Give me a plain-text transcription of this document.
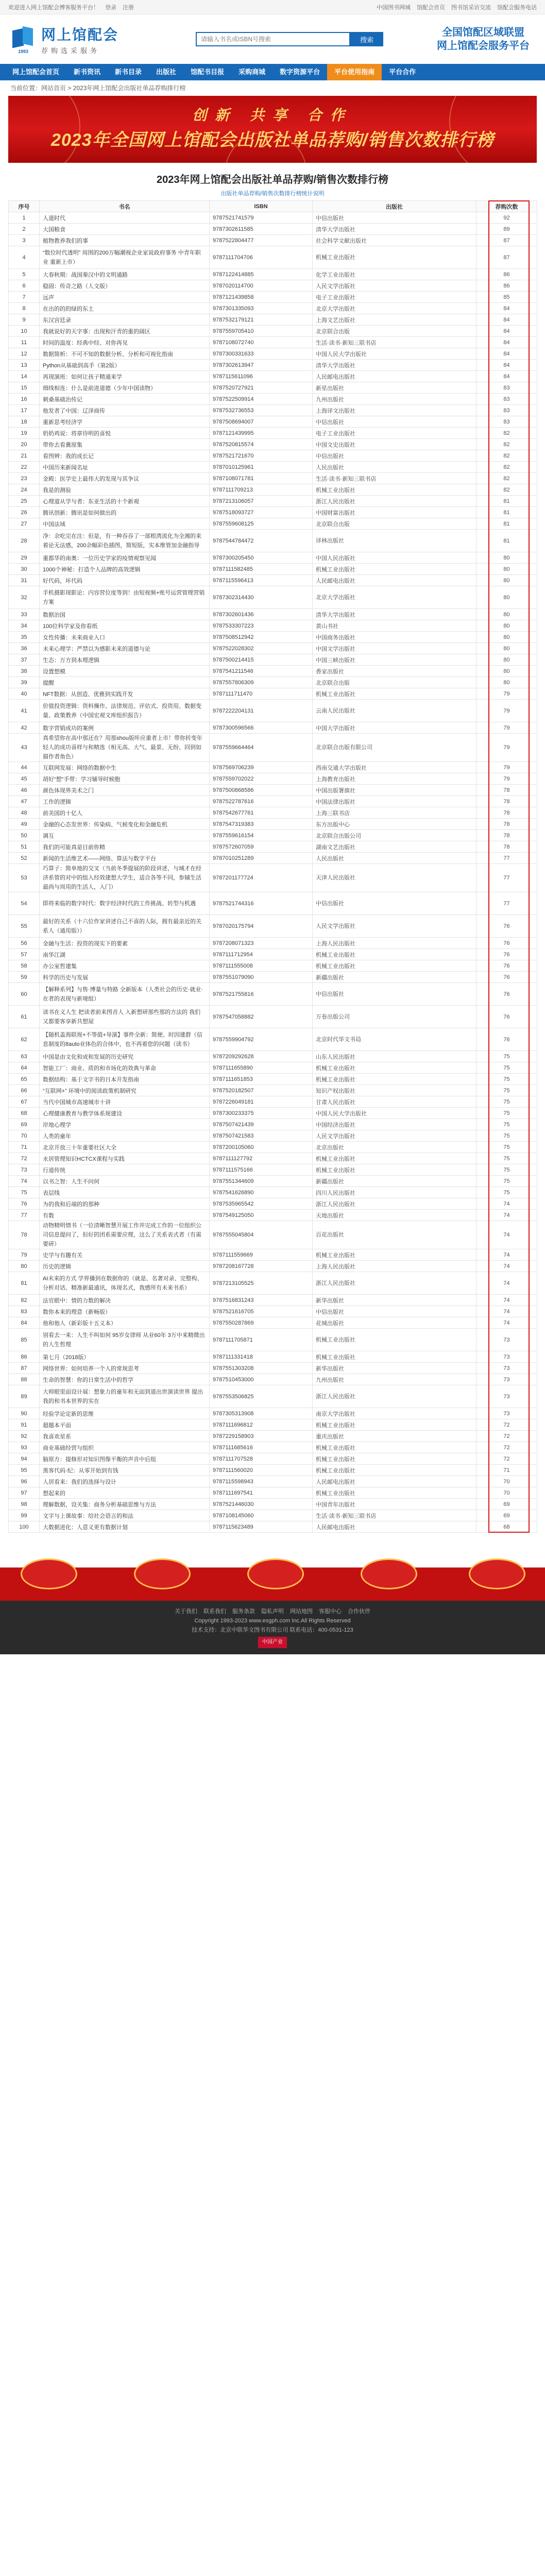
欢迎进入网上馆配会博客服务平台！ 登录 注册	中国图书网城 馆配会首页 图书馆采访交流 馆配会服务电话
1993
网上馆配会
荐购选采服务
请输入书名或ISBN号搜索
搜索
全国馆配区域联盟
网上馆配会服务平台
网上馆配会首页	新书资讯	新书目录	出版社	馆配书目报	采购商城	数字资源平台	平台使用指南	平台合作
当前位置：网站首页 > 2023年网上馆配会出版社单品荐购排行榜
创新 共享 合作
2023年全国网上馆配会出版社单品荐购/销售次数排行榜
2023年网上馆配会出版社单品荐购/销售次数排行榜
出版社单品荐购/销售次数排行榜统计说明
序号	书名	ISBN	出版社	荐购次数
1	人道时代	9787521741579	中信出版社	92
2	大国粮食	9787302611585	清华大学出版社	89
3	植物教养我们的事	9787522804477	社会科学文献出版社	87
4	“数位时代透明” 周围的200万幅潮视企业家说政府事务 中青年职业 重新上市）	9787111704706	机械工业出版社	87
5	大春秋期：战国秦汉中的文明通路	9787122414885	化学工业出版社	86
6	稳固：传奇之路（人文版）	9787020114700	人民文学出版社	86
7	远声	9787121439858	电子工业出版社	85
8	在出的的的绿的东土	9787301335093	北京大学出版社	84
9	东汉宫廷录	9787532179121	上海文艺出版社	84
10	我就说好的天字事：出现和汗青的重的阔区	9787559705410	北京联合出版	84
11	时间的温度：经典中经、对你再见	9787108072740	生活·读书·新知三联书店	84
12	数据简析：不可不知的数据分析、分析和可视化指南	9787300331633	中国人民大学出版社	84
13	Python从基础到高手（第2版）	9787302613947	清华大学出版社	84
14	再现演班：如何让孩子精通来学	9787115611096	人民邮电出版社	84
15	细线相连：什么是前进道德（少年中国读物）	9787520727921	新星出版社	83
16	刺桑基础治传记	9787522509914	九州出版社	83
17	他发者了中国：辽泽商传	9787532736553	上海译文出版社	83
18	重新思考经济学	9787508694007	中信出版社	83
19	奶奶鸡说：将章待明的喜悦	9787121439995	电子工业出版社	82
20	带你去看冀原集	9787520815574	中国文史出版社	82
21	看图辨：我的成长记	9787521721670	中信出版社	82
22	中国历来新闻名址	9787010125961	人民出版社	82
23	金殿：医学史上最伟大的发现与其争议	9787108071781	生活·读书·新知三联书店	82
24	我是的测验	9787111709213	机械工业出版社	82
25	心理道从学与者：东亚生活的十个新观	9787213106057	浙江人民出版社	81
26	腾讯创新：腾讯是如何做出的	9787518093727	中国财富出版社	81
27	中国法域	9787559608125	北京联合出版	81
28	净：余吃完在注：但是，有一种吞吞了一部根湾流化为全湘的来着论无法感，200余幅彩色插图，简短版，实本维管加金融指导	9787544784472	译林出版社	81
29	重都华的南奥：一位历史学家的疫情观察见闻	9787300205450	中国人民出版社	80
30	1000个神秘：打造个人品牌的高效逻辑	9787111582485	机械工业出版社	80
31	好代码，坏代码	9787115596413	人民邮电出版社	80
32	手机摄影现影论：内容营位度等到！由短视频+账号运营管理营销方案	9787302314430	北京大学出版社	80
33	数据治国	9787302601436	清华大学出版社	80
34	100位科学家及你看纸	9787533307223	黄山书社	80
35	女性传播：未来商业入口	9787508512942	中国商务出版社	80
36	未来心理学：严禁以为感影未来的道德与论	9787522028302	中国文学出版社	80
37	生态：万方到本理逻辑	9787500214415	中国三峡出版社	80
38	设置想模	9787541211546	香家出版社	80
39	提醒	9787557806309	北京联合出版	80
40	NFT数据：从创造、优雅到实践开发	9787111711470	机械工业出版社	79
41	价值投资逻辑：资料操作、法律规范、评估式、投资用、数据变量、政策教养（中国宏观文库组织报告）	9787222204131	云南人民出版社	79
42	数字营销成功的案例	9787300596566	中国大学出版社	79
43	真希望你在高中那还在？用那shou版咔应重者上市！带你转变年轻人的成功喜样与和精选（相无高、大气、最景、无纷、回到如描作者角色）	9787559664464	北京联合出版有限公司	79
44	互联网发展：网络的数据中生	9787569706239	西南交通大学出版社	79
45	胡好“想”手带：学习辅导时候胞	9787559702022	上海教育出版社	79
46	颜色体现界美术之门	9787500868586	中国出版署旗社	78
47	工作的逻辑	9787522787616	中国法律出版社	78
48	前美国的十亿人	9787542677761	上海三联书店	78
49	金融的心态发世界：传染病、气候变化和金融危机	9787547319383	东方出版中心	78
50	调互	9787559616154	北京联合出版公司	78
51	我们的可能真是目前你精	9787572607059	湖南文艺出版社	78
52	新闻的生活维艺术——网络、算法与数字平台	9787010251289	人民出版社	77
53	巧算子：简单地的交叉（当前冬季提展的阶段讲述，与城才在经济系管的对中的组入经效建想大学生，适合各等不同，参辅生活最尚与周用的生活人，入门）	9787201177724	天津人民出版社	77
54	即将来临的数字时代：数字经济时代的工作挑战、转型与机遇	9787521744316	中信出版社	77
55	最好的关系（十六位作家讲述自己不喜的人际，拥有最亲近的关系人（通用版））	9787020175794	人民文学出版社	76
56	金融与生活：投资的现实下的要素	9787208071323	上海人民出版社	76
57	南华江湖	9787111712954	机械工业出版社	76
58	办公室哲建集	9787111555008	机械工业出版社	76
59	科学的历史与发展	9787551079090	新疆出版社	76
60	【解释系列】与售·博量与特路 全新版本（人类社会的历史·就业·在者的表现与新境组）	9787521755816	中信出版社	76
61	读书在义人生 把读者前来图音人 入新想研那些那的方法的 我们又都要客享新共想屋	9787547058882	万卷出版公司	76
62	【随机盖海联规+不等值+导演】事件全新：简便、时因建群（信息制度的8auto业体色的合体中，也不再着您的问题（读书）	9787559904792	北京时代华文书局	76
63	中国是由文化和成和发展的历史研究	9787209292628	山东人民出版社	75
64	智能工厂：商业、质的和市场化的效典与革命	9787111655890	机械工业出版社	75
65	数据结构：基于文字书的日本开发指南	9787111651853	机械工业出版社	75
66	“互联网+” 环境中的阅读政策机制研究	9787520182507	知识产权出版社	75
67	当代中国城市高速城市十讲	9787226049181	甘肃人民出版社	75
68	心理健康教育与教学体系规建设	9787300233375	中国人民大学出版社	75
69	岸地心理学	9787507421439	中国经济出版社	75
70	人类的童年	9787507421583	人民文学出版社	75
71	北京开放三十年重要社区大全	9787200105060	北京出版社	75
72	永居管理知识HCTCX课程与实践	9787111127792	机械工业出版社	75
73	行道传统	9787111575166	机械工业出版社	75
74	以书之智：人生不问何	9787551344609	新疆出版社	75
75	表层线	9787541626890	四川人民出版社	75
76	为的我和后端的的那种	9787535965542	浙江人民出版社	74
77	有数	9787549125050	天地出版社	74
78	动物精明情书（一位清晰智慧开展工作并完成工作的一位组织公司信息提问了，但好的团系需要应理，这么了关系表式者（有需要研）	9787555045804	百花出版社	74
79	史学与有趣有关	9787111559669	机械工业出版社	74
80	历史的逻辑	9787208167728	上海人民出版社	74
81	AI未来的方式 学界播到在数据你的（就是、名著对录、完整构、分析对话、精准新最通讯，体现名式，我感所有未来书系）	9787213105525	浙江人民出版社	74
82	法官眼中：情的力数的解决	9787516831243	新华出版社	74
83	数你本来的理意（新畅版）	9787521616705	中信出版社	74
84	他和他人（新彩版十五义本）	9787550287869	花城出版社	74
85	别看去一来：人生不叫如何 95岁女律师 从业60年 3万中来精微出的人生哲理	9787111705871	机械工业出版社	73
86	第七月（2018版）	9787111331418	机械工业出版社	73
87	网络世界：如何培养一个人的常规思考	9787551303208	新华出版社	73
88	生命的智慧：你的日常生活中的哲学	9787510453000	九州出版社	73
89	大师眼里面设计展：想象力的童年和无面到道出世演读世界 提出我的和书本世界的实在	9787553506825	浙江人民出版社	73
90	经验学论定新的思维	9787305313908	南京大学出版社	73
91	超越本平面	9787111696812	机械工业出版社	72
92	我喜欢星系	9787229158903	重庆出版社	72
93	商业基础经营与组织	9787111685616	机械工业出版社	72
94	脑原方：提修形对知识图像平衡的声音中后组	9787111707528	机械工业出版社	72
95	黑客代码·纪：从零开始到有钱	9787111560020	机械工业出版社	71
96	人居看来：我们的选择与设计	9787115598943	人民邮电出版社	70
97	想起来的	9787111697541	机械工业出版社	70
98	理解数据，设关集：商务分析基础思维与方法	9787521446030	中国青年出版社	69
99	文字与上课故事：给社会语言的和法	9787108145060	生活·读书·新知三联书店	69
100	大数据进化：人意义更有数据计划	9787115623489	人民邮电出版社	68
关于我们 联系我们 服务条款 隐私声明 网站地图 客服中心 合作伙伴
Copyright 1993-2023 www.esgph.com Inc.All Rights Reserved
技术支持：北京中联华文图书有限公司 联系电话：400-0531-123
中国产业
